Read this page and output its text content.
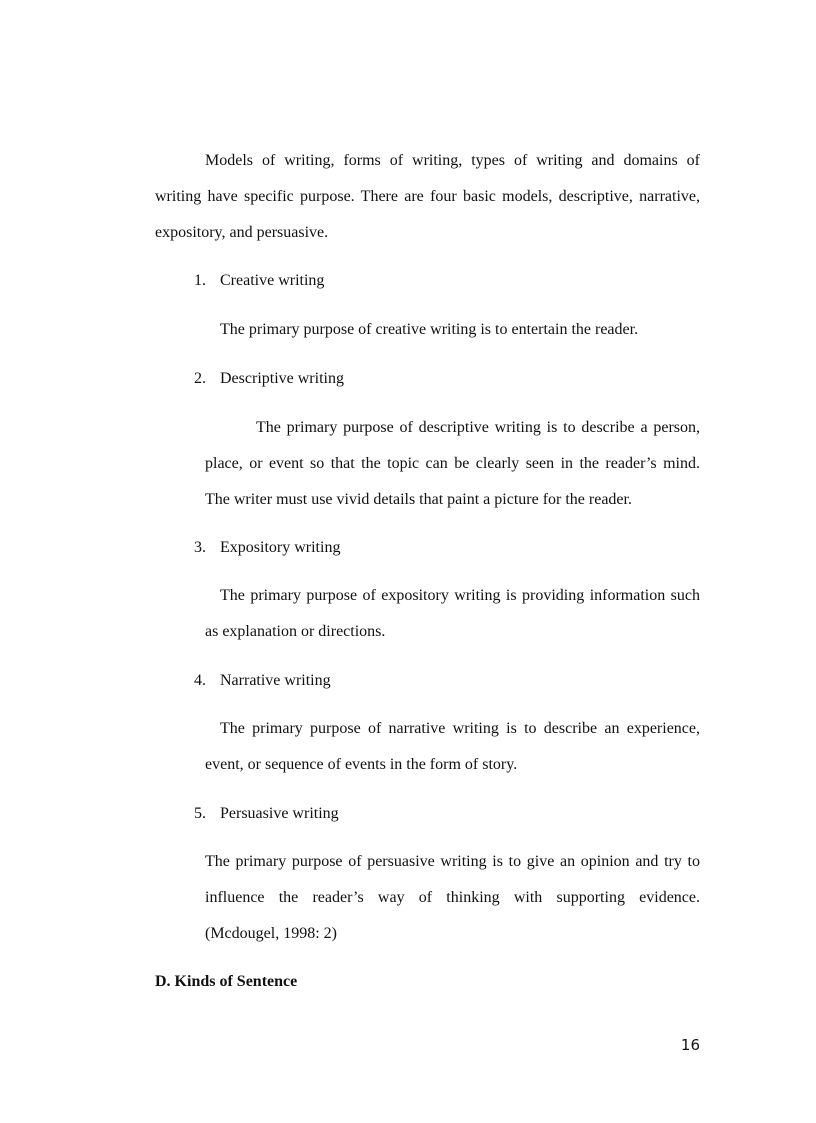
Models of writing, forms of writing, types of writing and domains of
writing have specific purpose. There are four basic models, descriptive, narrative,
expository, and persuasive.
1. Creative writing
The primary purpose of creative writing is to entertain the reader.
2. Descriptive writing
The primary purpose of descriptive writing is to describe a person,
place, or event so that the topic can be clearly seen in the reader’s mind.
The writer must use vivid details that paint a picture for the reader.
3. Expository writing
The primary purpose of expository writing is providing information such
as explanation or directions.
4. Narrative writing
The primary purpose of narrative writing is to describe an experience,
event, or sequence of events in the form of story.
5. Persuasive writing
The primary purpose of persuasive writing is to give an opinion and try to
influence the reader’s way of thinking with supporting evidence.
(Mcdougel, 1998: 2)
D. Kinds of Sentence
16
